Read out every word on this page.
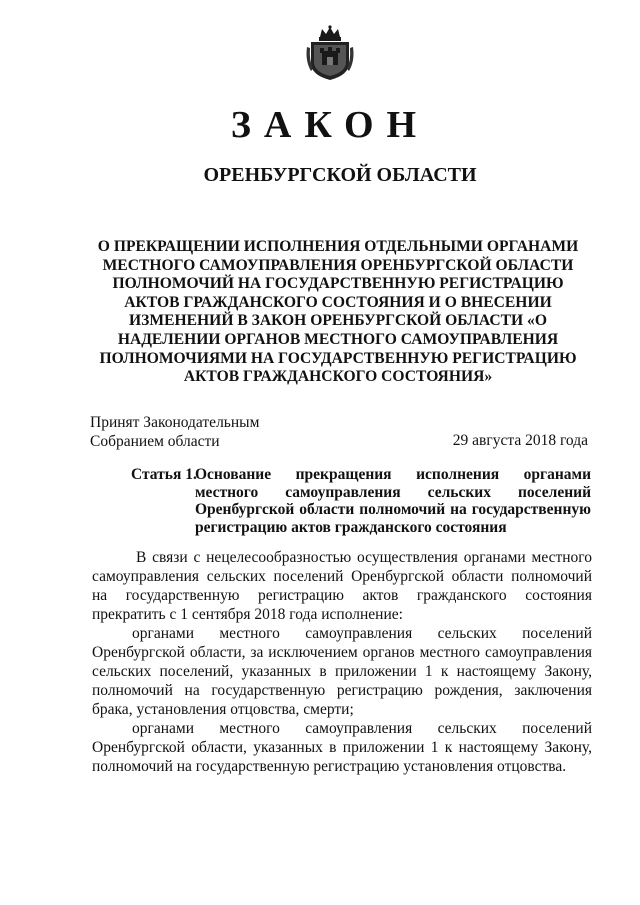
ЗАКОН
ОРЕНБУРГСКОЙ ОБЛАСТИ
О ПРЕКРАЩЕНИИ ИСПОЛНЕНИЯ ОТДЕЛЬНЫМИ ОРГАНАМИ МЕСТНОГО САМОУПРАВЛЕНИЯ ОРЕНБУРГСКОЙ ОБЛАСТИ ПОЛНОМОЧИЙ НА ГОСУДАРСТВЕННУЮ РЕГИСТРАЦИЮ АКТОВ ГРАЖДАНСКОГО СОСТОЯНИЯ И О ВНЕСЕНИИ ИЗМЕНЕНИЙ В ЗАКОН ОРЕНБУРГСКОЙ ОБЛАСТИ «О НАДЕЛЕНИИ ОРГАНОВ МЕСТНОГО САМОУПРАВЛЕНИЯ ПОЛНОМОЧИЯМИ НА ГОСУДАРСТВЕННУЮ РЕГИСТРАЦИЮ АКТОВ ГРАЖДАНСКОГО СОСТОЯНИЯ»
Принят Законодательным
Собранием области	29 августа 2018 года
Статья 1.
Основание прекращения исполнения органами местного самоуправления сельских поселений Оренбургской области полномочий на государственную регистрацию актов гражданского состояния

В связи с нецелесообразностью осуществления органами местного самоуправления сельских поселений Оренбургской области полномочий на государственную регистрацию актов гражданского состояния прекратить с 1 сентября 2018 года исполнение:

органами местного самоуправления сельских поселений Оренбургской области, за исключением органов местного самоуправления сельских поселений, указанных в приложении 1 к настоящему Закону, полномочий на государственную регистрацию рождения, заключения брака, установления отцовства, смерти;

органами местного самоуправления сельских поселений Оренбургской области, указанных в приложении 1 к настоящему Закону, полномочий на государственную регистрацию установления отцовства.
